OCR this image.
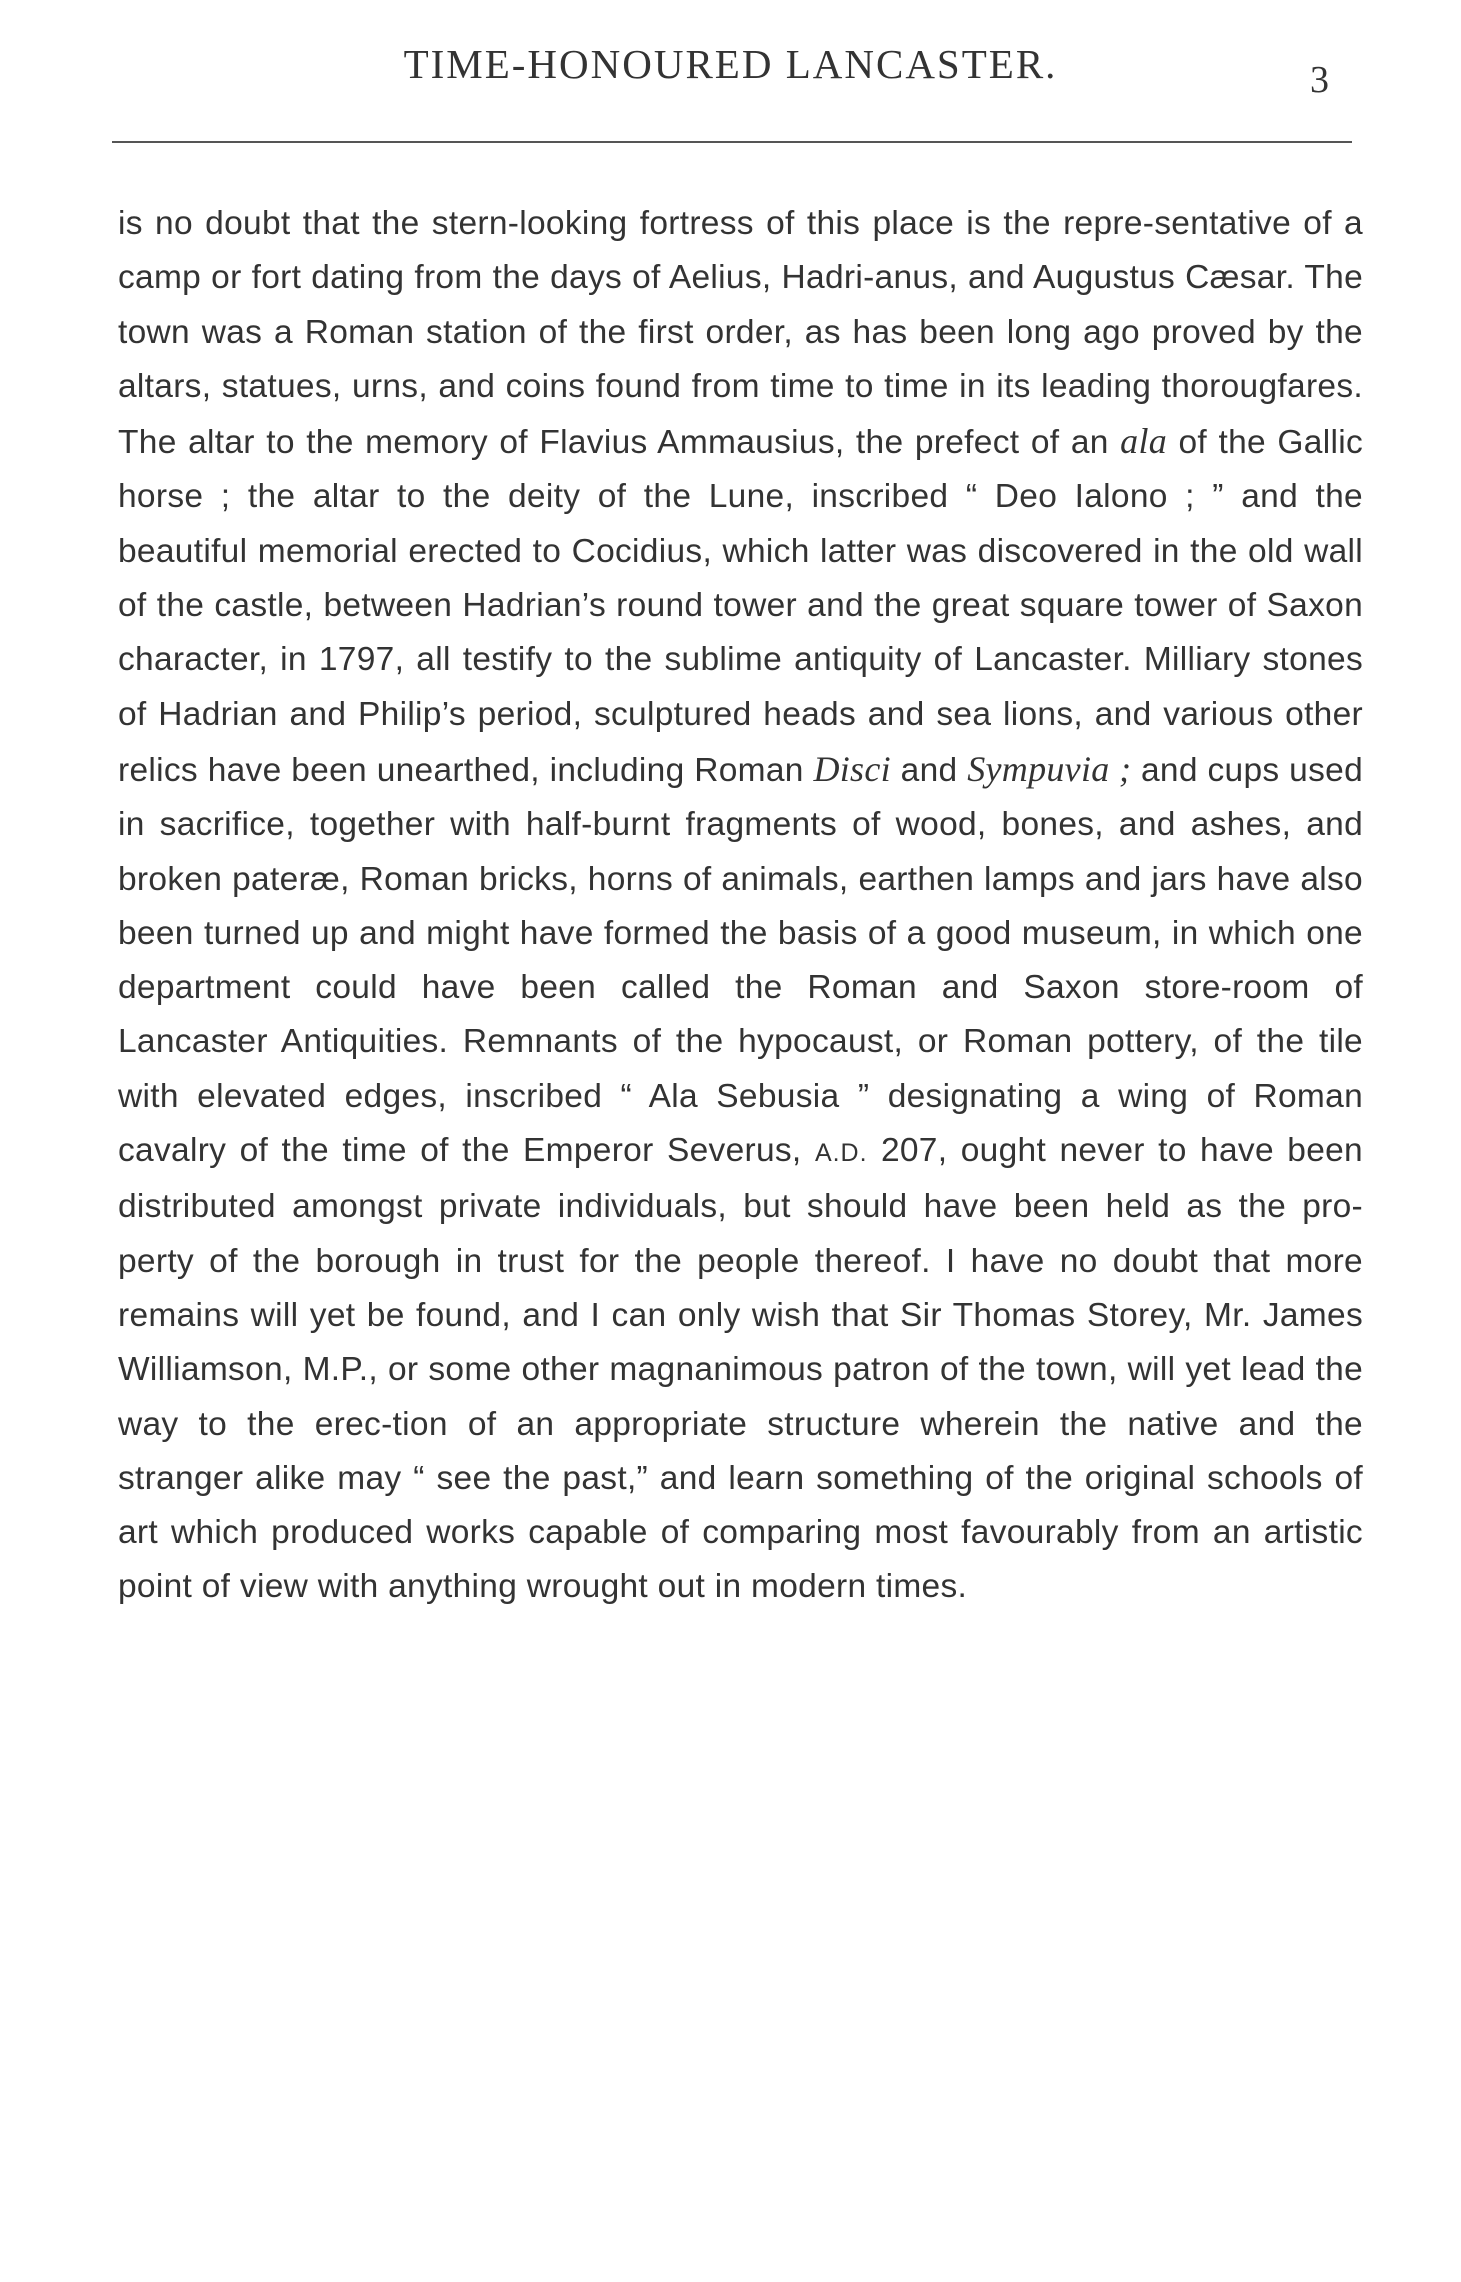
TIME-HONOURED LANCASTER.	3

is no doubt that the stern-looking fortress of this place is the repre-sentative of a camp or fort dating from the days of Aelius, Hadri-anus, and Augustus Cæsar. The town was a Roman station of the first order, as has been long ago proved by the altars, statues, urns, and coins found from time to time in its leading thorougfares. The altar to the memory of Flavius Ammausius, the prefect of an ala of the Gallic horse ; the altar to the deity of the Lune, inscribed “ Deo Ialono ; ” and the beautiful memorial erected to Cocidius, which latter was discovered in the old wall of the castle, between Hadrian’s round tower and the great square tower of Saxon character, in 1797, all testify to the sublime antiquity of Lancaster. Milliary stones of Hadrian and Philip’s period, sculptured heads and sea lions, and various other relics have been unearthed, including Roman Disci and Sympuvia ; and cups used in sacrifice, together with half-burnt fragments of wood, bones, and ashes, and broken pateræ, Roman bricks, horns of animals, earthen lamps and jars have also been turned up and might have formed the basis of a good museum, in which one department could have been called the Roman and Saxon store-room of Lancaster Antiquities. Remnants of the hypocaust, or Roman pottery, of the tile with elevated edges, inscribed “ Ala Sebusia ” designating a wing of Roman cavalry of the time of the Emperor Severus, A.D. 207, ought never to have been distributed amongst private individuals, but should have been held as the pro-perty of the borough in trust for the people thereof. I have no doubt that more remains will yet be found, and I can only wish that Sir Thomas Storey, Mr. James Williamson, M.P., or some other magnanimous patron of the town, will yet lead the way to the erec-tion of an appropriate structure wherein the native and the stranger alike may “ see the past,” and learn something of the original schools of art which produced works capable of comparing most favourably from an artistic point of view with anything wrought out in modern times.
